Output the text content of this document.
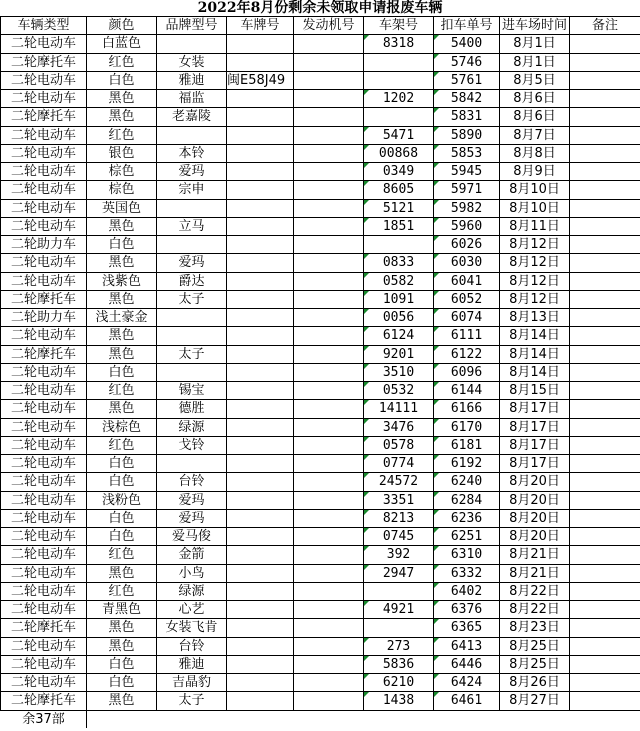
2022年8月份剩余未领取申请报废车辆
车辆类型	颜色	品牌型号	车牌号	发动机号	车架号	扣车单号	进车场时间	备注
二轮电动车	白蓝色				8318	5400	8月1日	
二轮摩托车	红色	女装				5746	8月1日	
二轮电动车	白色	雅迪	闽E58J49			5761	8月5日	
二轮电动车	黑色	福监			1202	5842	8月6日	
二轮摩托车	黑色	老嘉陵				5831	8月6日	
二轮电动车	红色				5471	5890	8月7日	
二轮电动车	银色	本铃			00868	5853	8月8日	
二轮电动车	棕色	爱玛			0349	5945	8月9日	
二轮电动车	棕色	宗申			8605	5971	8月10日	
二轮电动车	英国色				5121	5982	8月10日	
二轮电动车	黑色	立马			1851	5960	8月11日	
二轮助力车	白色					6026	8月12日	
二轮电动车	黑色	爱玛			0833	6030	8月12日	
二轮电动车	浅紫色	爵达			0582	6041	8月12日	
二轮摩托车	黑色	太子			1091	6052	8月12日	
二轮助力车	浅土豪金				0056	6074	8月13日	
二轮电动车	黑色				6124	6111	8月14日	
二轮摩托车	黑色	太子			9201	6122	8月14日	
二轮电动车	白色				3510	6096	8月14日	
二轮电动车	红色	锡宝			0532	6144	8月15日	
二轮电动车	黑色	德胜			14111	6166	8月17日	
二轮电动车	浅棕色	绿源			3476	6170	8月17日	
二轮电动车	红色	戈铃			0578	6181	8月17日	
二轮电动车	白色				0774	6192	8月17日	
二轮电动车	白色	台铃			24572	6240	8月20日	
二轮电动车	浅粉色	爱玛			3351	6284	8月20日	
二轮电动车	白色	爱玛			8213	6236	8月20日	
二轮电动车	白色	爱马俊			0745	6251	8月20日	
二轮电动车	红色	金箭			392	6310	8月21日	
二轮电动车	黑色	小鸟			2947	6332	8月21日	
二轮电动车	红色	绿源				6402	8月22日	
二轮电动车	青黑色	心艺			4921	6376	8月22日	
二轮摩托车	黑色	女装飞肯				6365	8月23日	
二轮电动车	黑色	台铃			273	6413	8月25日	
二轮电动车	白色	雅迪			5836	6446	8月25日	
二轮电动车	白色	吉晶豹			6210	6424	8月26日	
二轮摩托车	黑色	太子			1438	6461	8月27日	
余37部								
